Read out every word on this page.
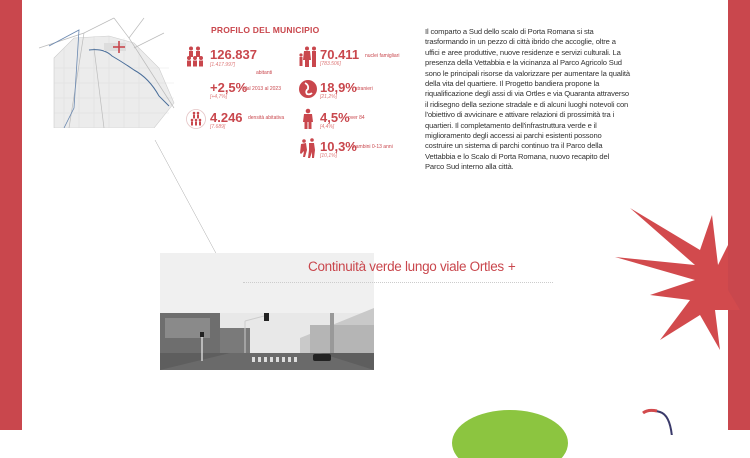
PROFILO DEL MUNICIPIO
126.837
[1.417.997]
abitanti
70.411 nuclei famigliari
[783.506]
+2,5%
dal 2013 al 2023
[+4,7%]
18,9%
stranieri
[21,2%]
4.246 densità abitativa
[7.689]
4,5%
over 84
[4,4%]
10,3%
bambini 0-13 anni
[10,1%]
Il comparto a Sud dello scalo di Porta Romana si sta trasformando in un pezzo di città ibrido che accoglie, oltre a uffici e aree produttive, nuove residenze e servizi culturali. La presenza della Vettabbia e la vicinanza al Parco Agricolo Sud sono le principali risorse da valorizzare per aumentare la qualità della vita del quartiere. Il Progetto bandiera propone la riqualificazione degli assi di via Ortles e via Quaranta attraverso il ridisegno della sezione stradale e di alcuni luoghi notevoli con l'obiettivo di avvicinare e attivare relazioni di prossimità tra i quartieri. Il completamento dell'infrastruttura verde e il miglioramento degli accessi ai parchi esistenti possono costruire un sistema di parchi continuo tra il Parco della Vettabbia e lo Scalo di Porta Romana, nuovo recapito del Parco Sud interno alla città.
Continuità verde lungo viale Ortles +
